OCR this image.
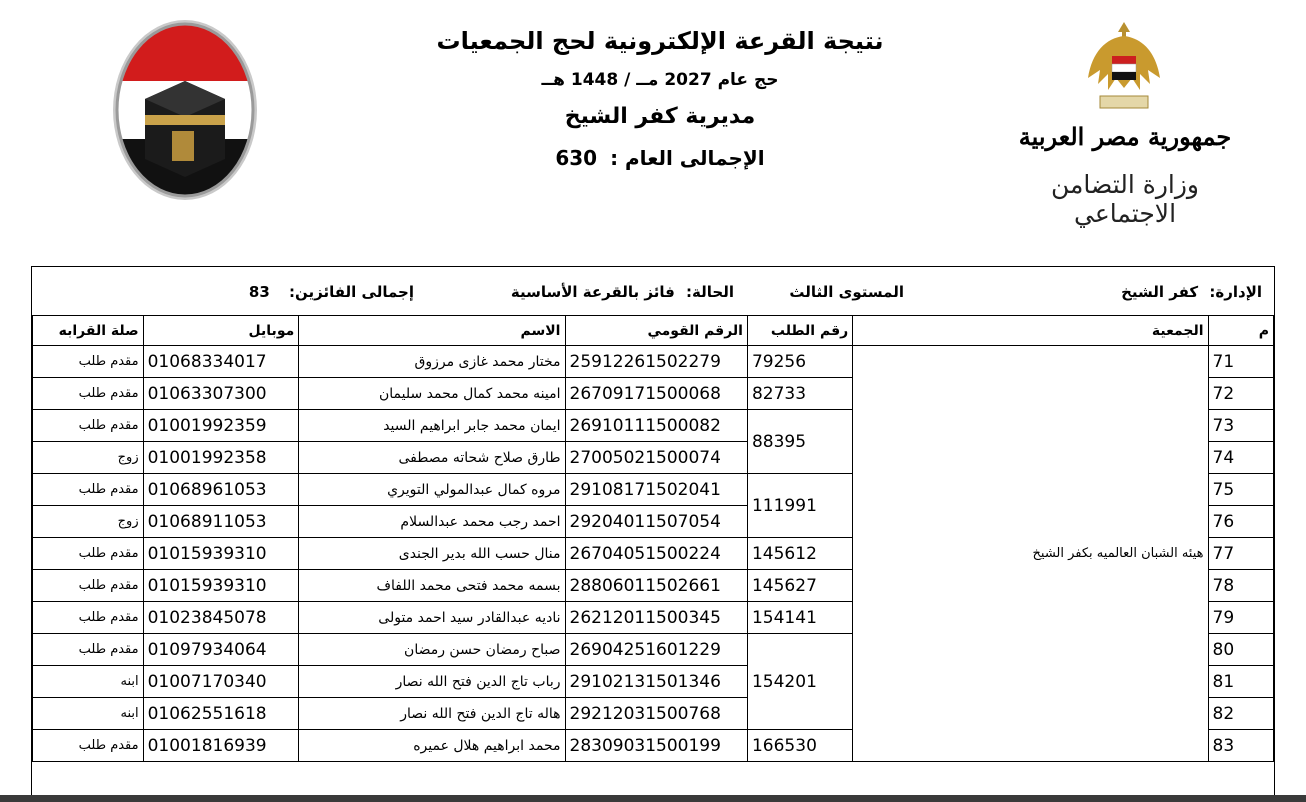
نتيجة القرعة الإلكترونية لحج الجمعيات
حج عام 2027 مــ / 1448 هــ
مديرية كفر الشيخ
الإجمالى العام : 630
جمهورية مصر العربية
وزارة التضامن الاجتماعي
الإدارة: كفر الشيخ
المستوى الثالث
الحالة: فائز بالقرعة الأساسية
إجمالى الفائزين: 83
م	الجمعية	رقم الطلب	الرقم القومي	الاسم	موبايل	صلة القرابه
71	هيئه الشبان العالميه بكفر الشيخ	79256	25912261502279	مختار محمد غازى مرزوق	01068334017	مقدم طلب
72		82733	26709171500068	امينه محمد كمال محمد سليمان	01063307300	مقدم طلب
73		88395	26910111500082	ايمان محمد جابر ابراهيم السيد	01001992359	مقدم طلب
74			27005021500074	طارق صلاح شحاته مصطفى	01001992358	زوج
75		111991	29108171502041	مروه كمال عبدالمولي التويري	01068961053	مقدم طلب
76			29204011507054	احمد رجب محمد عبدالسلام	01068911053	زوج
77		145612	26704051500224	منال حسب الله بدير الجندى	01015939310	مقدم طلب
78		145627	28806011502661	بسمه محمد فتحى محمد اللفاف	01015939310	مقدم طلب
79		154141	26212011500345	ناديه عبدالقادر سيد احمد متولى	01023845078	مقدم طلب
80		154201	26904251601229	صباح رمضان حسن رمضان	01097934064	مقدم طلب
81			29102131501346	رباب تاج الدين فتح الله نصار	01007170340	ابنه
82			29212031500768	هاله تاج الدين فتح الله نصار	01062551618	ابنه
83		166530	28309031500199	محمد ابراهيم هلال عميره	01001816939	مقدم طلب
